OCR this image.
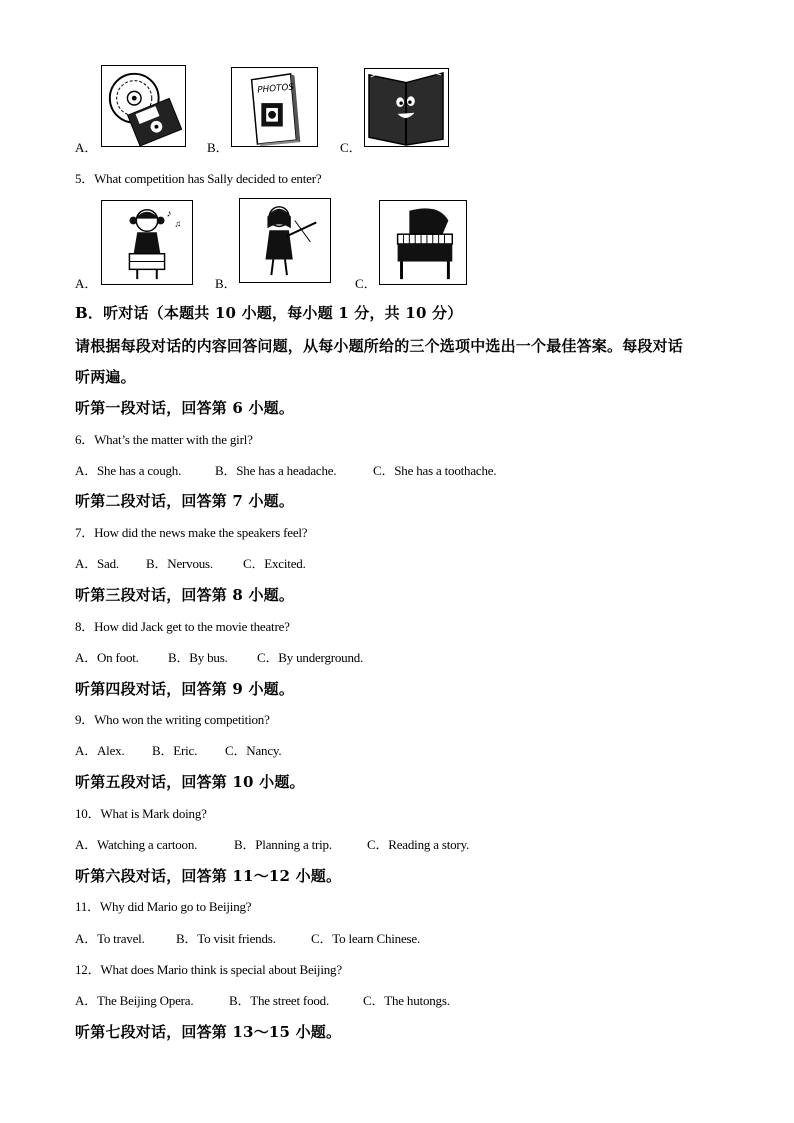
A．
PHOTOS
B．	C．
5．What competition has Sally decided to enter?
♪
♫
A．	B．	C．
B．听对话（本题共 10 小题，每小题 1 分，共 10 分）
请根据每段对话的内容回答问题，从每小题所给的三个选项中选出一个最佳答案。每段对话
听两遍。
听第一段对话，回答第 6 小题。
6．What’s the matter with the girl?
A．She has a cough.	B．She has a headache.	C．She has a toothache.
听第二段对话，回答第 7 小题。
7．How did the news make the speakers feel?
A．Sad. B．Nervous. C．Excited.
听第三段对话，回答第 8 小题。
8．How did Jack get to the movie theatre?
A．On foot. B．By bus. C．By underground.
听第四段对话，回答第 9 小题。
9．Who won the writing competition?
A．Alex. B．Eric. C．Nancy.
听第五段对话，回答第 10 小题。
10．What is Mark doing?
A．Watching a cartoon.	B．Planning a trip.	C．Reading a story.
听第六段对话，回答第 11～12 小题。
11．Why did Mario go to Beijing?
A．To travel. B．To visit friends.	C．To learn Chinese.
12．What does Mario think is special about Beijing?
A．The Beijing Opera.	B．The street food.	C．The hutongs.
听第七段对话，回答第 13～15 小题。
